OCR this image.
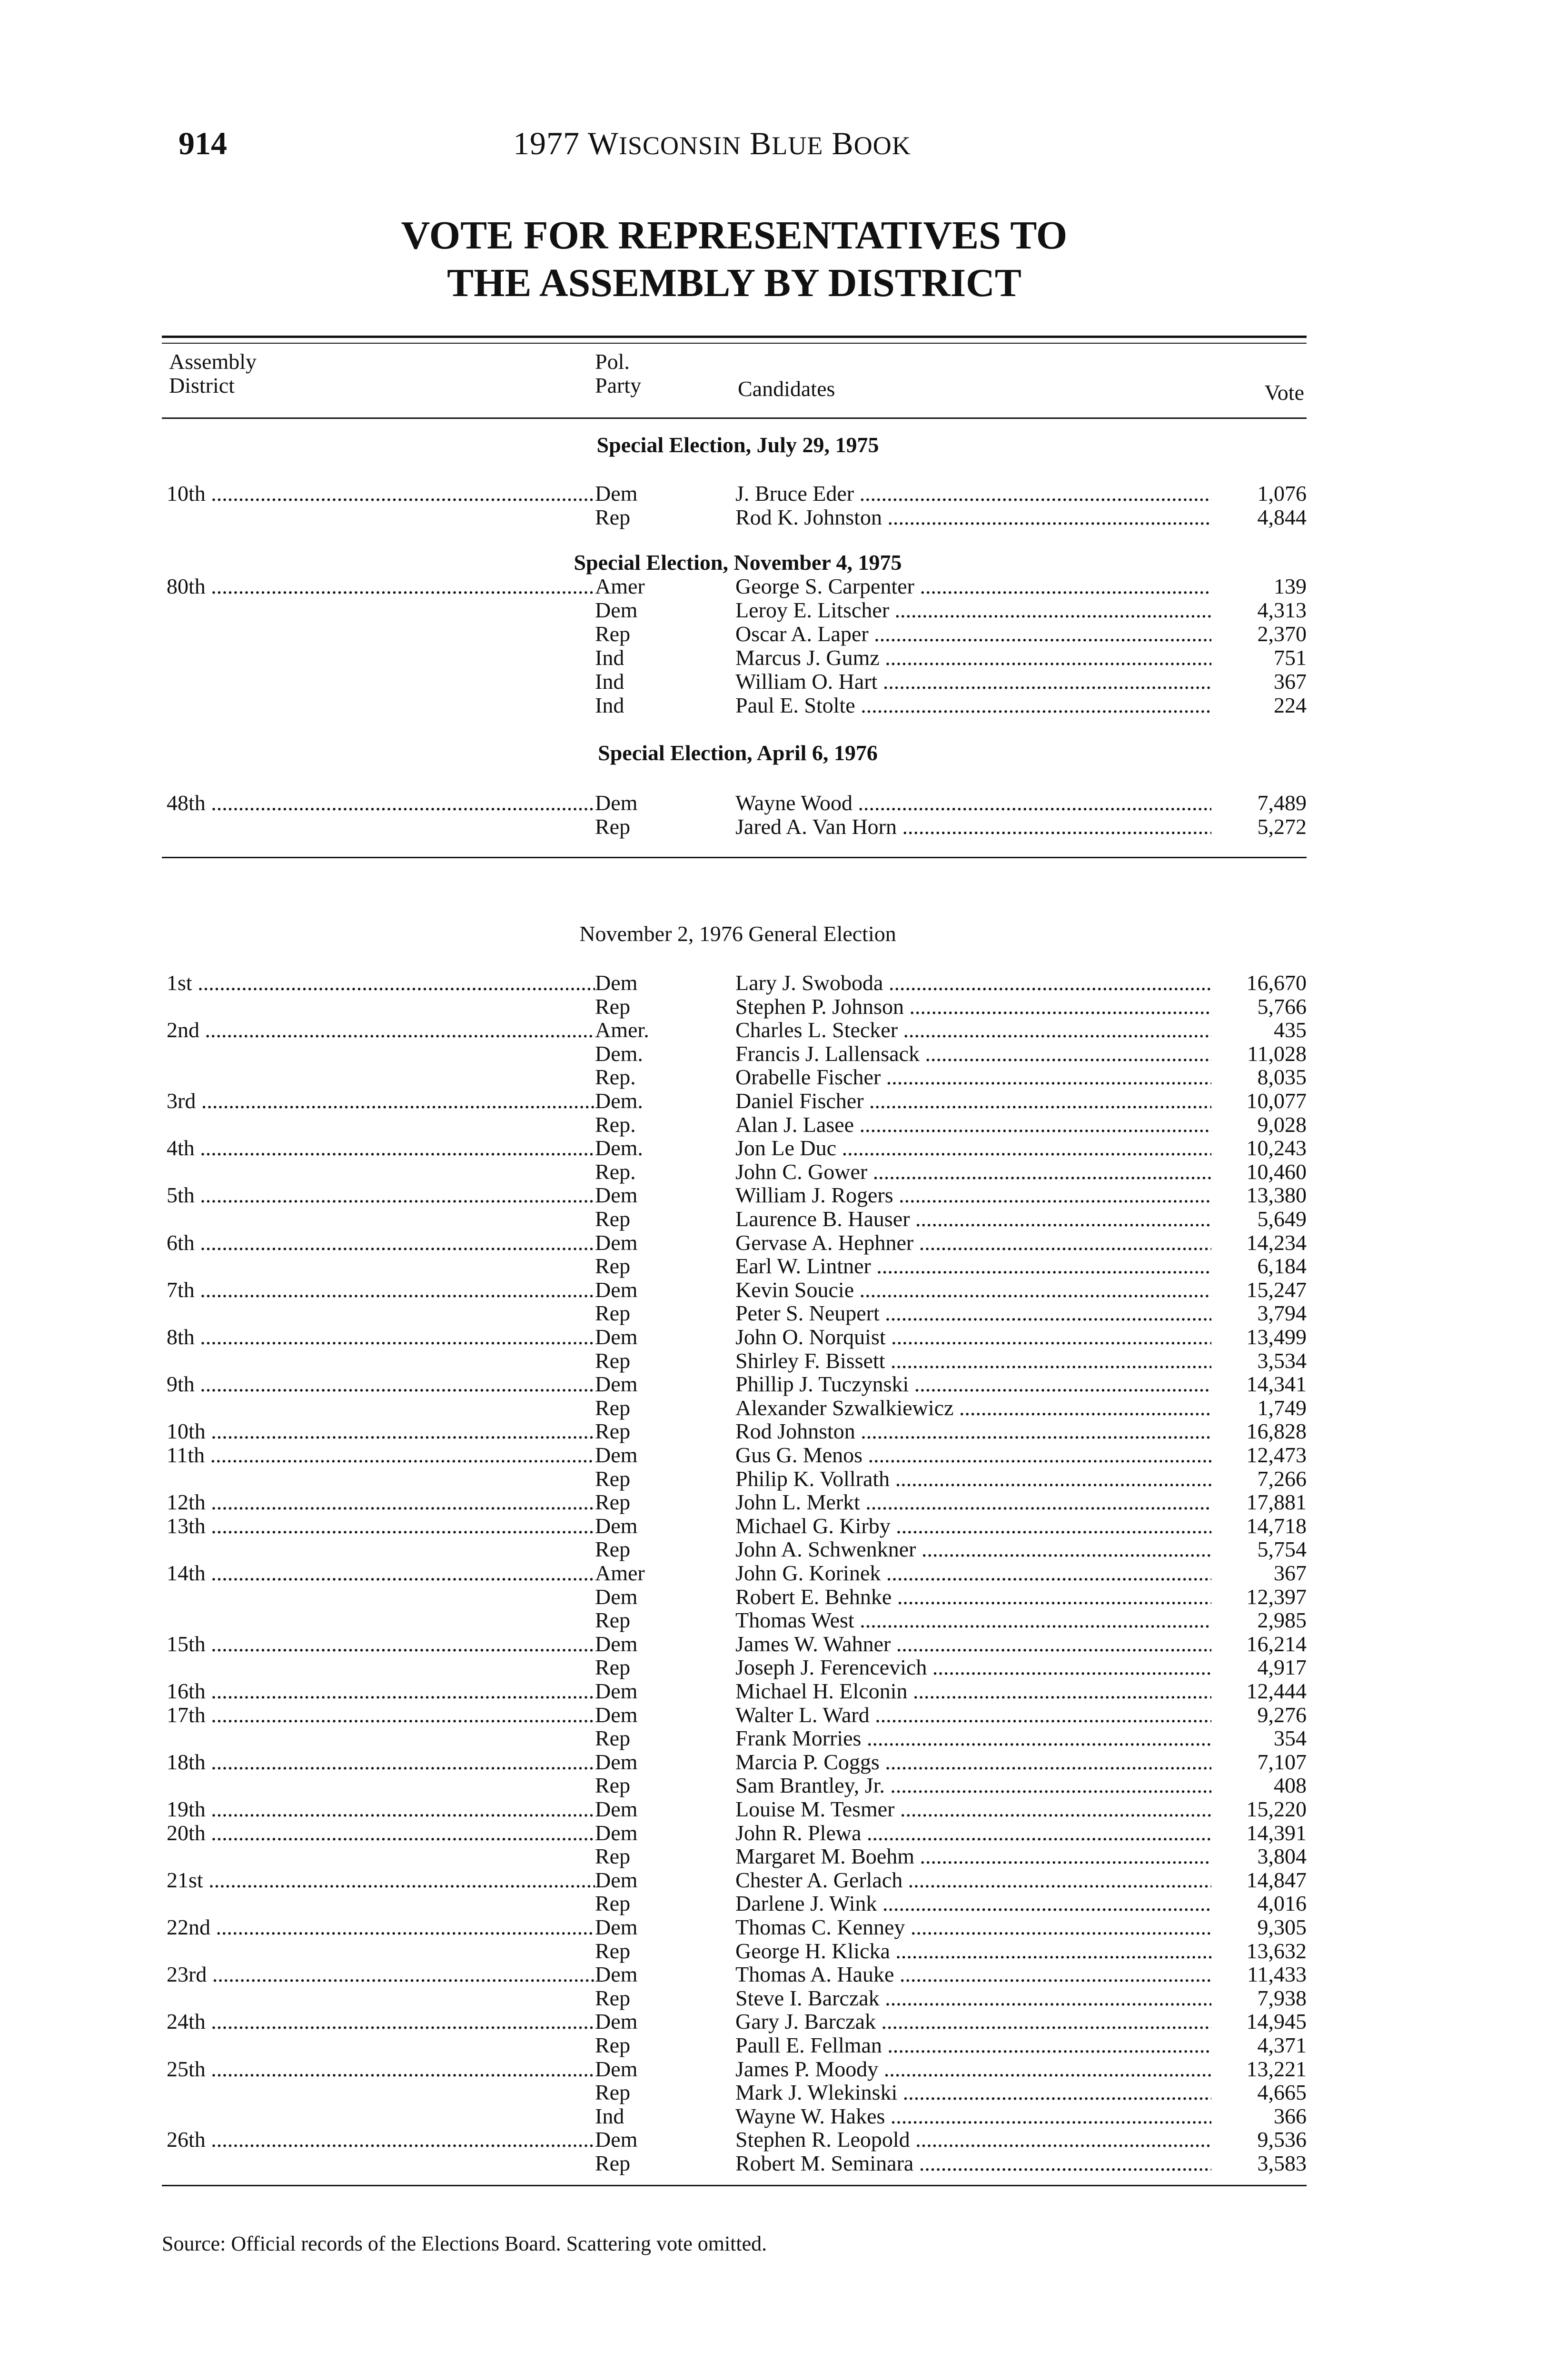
914	1977 WISCONSIN BLUE BOOK
VOTE FOR REPRESENTATIVES TO
THE ASSEMBLY BY DISTRICT
Assembly
District
Pol.
Party	Candidates	Vote
Special Election, July 29, 1975
10th .....	Dem	J. Bruce Eder .....	1,076
Rep	Rod K. Johnston .....	4,844
Special Election, November 4, 1975
80th .....	Amer	George S. Carpenter .....	139
Dem	Leroy E. Litscher .....	4,313
Rep	Oscar A. Laper .....	2,370
Ind	Marcus J. Gumz .....	751
Ind	William O. Hart .....	367
Ind	Paul E. Stolte .....	224
Special Election, April 6, 1976
48th .....	Dem	Wayne Wood .....	7,489
Rep	Jared A. Van Horn .....	5,272
November 2, 1976 General Election
1st .....	Dem	Lary J. Swoboda .....	16,670
Rep	Stephen P. Johnson .....	5,766
2nd .....	Amer.	Charles L. Stecker .....	435
Dem.	Francis J. Lallensack .....	11,028
Rep.	Orabelle Fischer .....	8,035
3rd .....	Dem.	Daniel Fischer .....	10,077
Rep.	Alan J. Lasee .....	9,028
4th .....	Dem.	Jon Le Duc .....	10,243
Rep.	John C. Gower .....	10,460
5th .....	Dem	William J. Rogers .....	13,380
Rep	Laurence B. Hauser .....	5,649
6th .....	Dem	Gervase A. Hephner .....	14,234
Rep	Earl W. Lintner .....	6,184
7th .....	Dem	Kevin Soucie .....	15,247
Rep	Peter S. Neupert .....	3,794
8th .....	Dem	John O. Norquist .....	13,499
Rep	Shirley F. Bissett .....	3,534
9th .....	Dem	Phillip J. Tuczynski .....	14,341
Rep	Alexander Szwalkiewicz .....	1,749
10th .....	Rep	Rod Johnston .....	16,828
11th .....	Dem	Gus G. Menos .....	12,473
Rep	Philip K. Vollrath .....	7,266
12th .....	Rep	John L. Merkt .....	17,881
13th .....	Dem	Michael G. Kirby .....	14,718
Rep	John A. Schwenkner .....	5,754
14th .....	Amer	John G. Korinek .....	367
Dem	Robert E. Behnke .....	12,397
Rep	Thomas West .....	2,985
15th .....	Dem	James W. Wahner .....	16,214
Rep	Joseph J. Ferencevich .....	4,917
16th .....	Dem	Michael H. Elconin .....	12,444
17th .....	Dem	Walter L. Ward .....	9,276
Rep	Frank Morries .....	354
18th .....	Dem	Marcia P. Coggs .....	7,107
Rep	Sam Brantley, Jr. .....	408
19th .....	Dem	Louise M. Tesmer .....	15,220
20th .....	Dem	John R. Plewa .....	14,391
Rep	Margaret M. Boehm .....	3,804
21st .....	Dem	Chester A. Gerlach .....	14,847
Rep	Darlene J. Wink .....	4,016
22nd .....	Dem	Thomas C. Kenney .....	9,305
Rep	George H. Klicka .....	13,632
23rd .....	Dem	Thomas A. Hauke .....	11,433
Rep	Steve I. Barczak .....	7,938
24th .....	Dem	Gary J. Barczak .....	14,945
Rep	Paull E. Fellman .....	4,371
25th .....	Dem	James P. Moody .....	13,221
Rep	Mark J. Wlekinski .....	4,665
Ind	Wayne W. Hakes .....	366
26th .....	Dem	Stephen R. Leopold .....	9,536
Rep	Robert M. Seminara .....	3,583
Source: Official records of the Elections Board. Scattering vote omitted.
